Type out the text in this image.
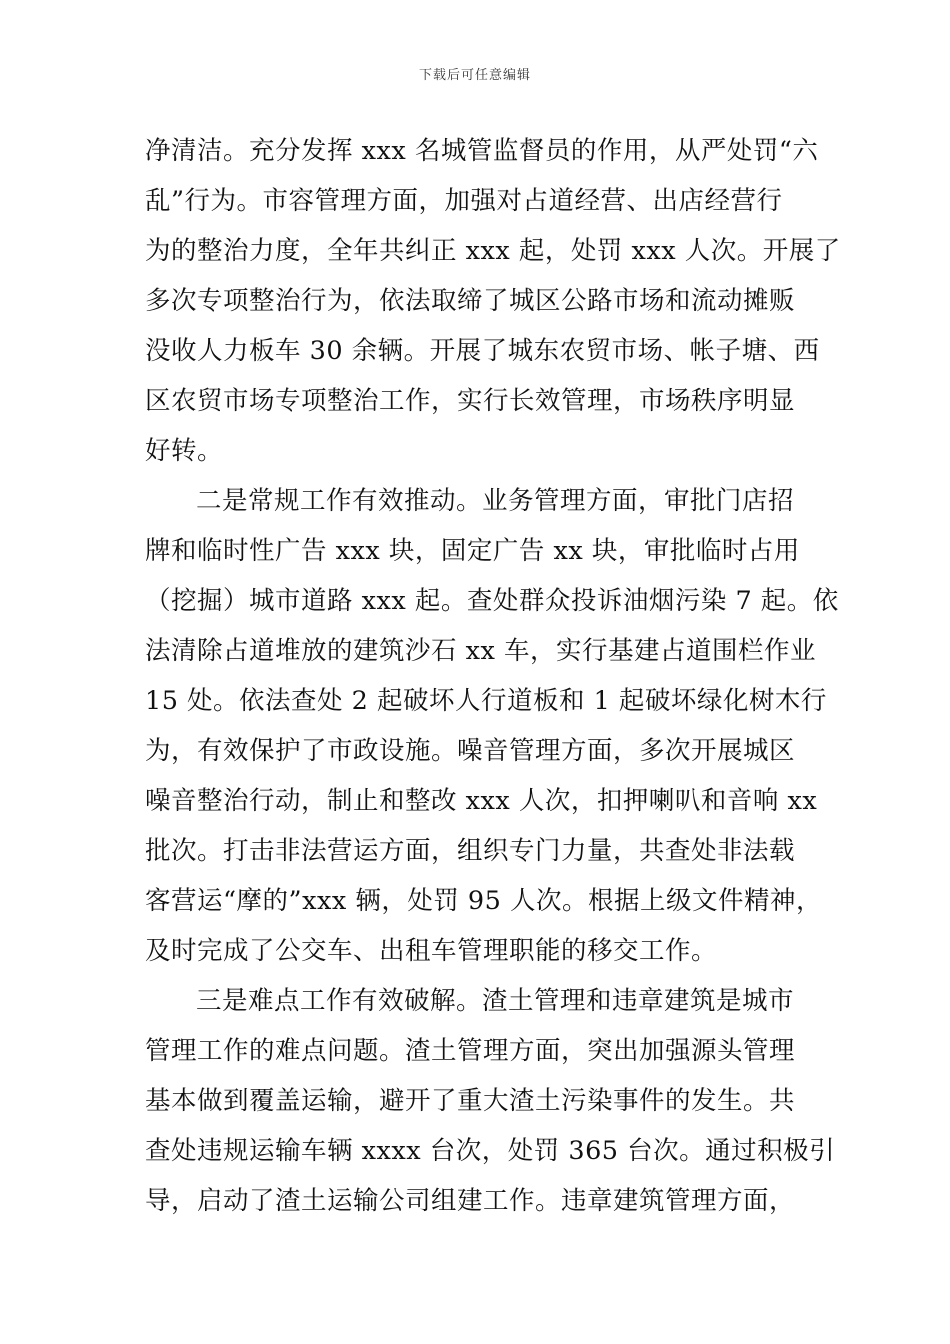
下载后可任意编辑
净清洁。充分发挥 xxx 名城管监督员的作用，从严处罚“六
乱”行为。市容管理方面，加强对占道经营、出店经营行
为的整治力度，全年共纠正 xxx 起，处罚 xxx 人次。开展了
多次专项整治行为，依法取缔了城区公路市场和流动摊贩
没收人力板车 30 余辆。开展了城东农贸市场、帐子塘、西
区农贸市场专项整治工作，实行长效管理，市场秩序明显
好转。
二是常规工作有效推动。业务管理方面，审批门店招
牌和临时性广告 xxx 块，固定广告 xx 块，审批临时占用
（挖掘）城市道路 xxx 起。查处群众投诉油烟污染 7 起。依
法清除占道堆放的建筑沙石 xx 车，实行基建占道围栏作业
15 处。依法查处 2 起破坏人行道板和 1 起破坏绿化树木行
为，有效保护了市政设施。噪音管理方面，多次开展城区
噪音整治行动，制止和整改 xxx 人次，扣押喇叭和音响 xx
批次。打击非法营运方面，组织专门力量，共查处非法载
客营运“摩的”xxx 辆，处罚 95 人次。根据上级文件精神，
及时完成了公交车、出租车管理职能的移交工作。
三是难点工作有效破解。渣土管理和违章建筑是城市
管理工作的难点问题。渣土管理方面，突出加强源头管理
基本做到覆盖运输，避开了重大渣土污染事件的发生。共
查处违规运输车辆 xxxx 台次，处罚 365 台次。通过积极引
导，启动了渣土运输公司组建工作。违章建筑管理方面，
